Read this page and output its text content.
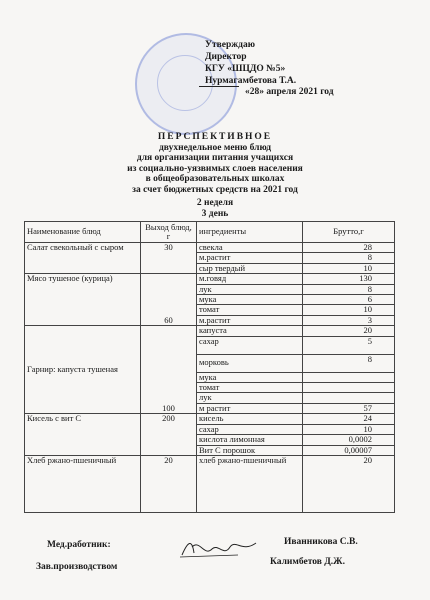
Утверждаю
Директор
КГУ «ШЦДО №5»
Нурмагамбетова Т.А.
«28» апреля 2021 год
ПЕРСПЕКТИВНОЕ
двухнедельное меню блюд
для организации питания учащихся
из социально-уязвимых слоев населения
в общеобразовательных школах
за счет бюджетных средств на 2021 год
2 неделя
3 день
Наименование блюд	Выход блюд, г	ингредиенты	Брутто,г
Салат свекольный с сыром	30	свекла	28
		м.растит	8
		сыр твердый	10
Мясо тушеное (курица)	60	м.говяд	130
		лук	8
		мука	6
		томат	10
		м.растит	3
Гарнир: капуста тушеная	100	капуста	20
		сахар	5
		морковь	8
		мука	
		томат	
		лук	
		м растит	57
Кисель с вит С	200	кисель	24
		сахар	10
		кислота лимонная	0,0002
		Вит С порошок	0,00007
Хлеб ржано-пшеничный	20	хлеб ржано-пшеничный	20
Мед.работник:	Иванникова С.В.
Зав.производством	Калимбетов Д.Ж.
